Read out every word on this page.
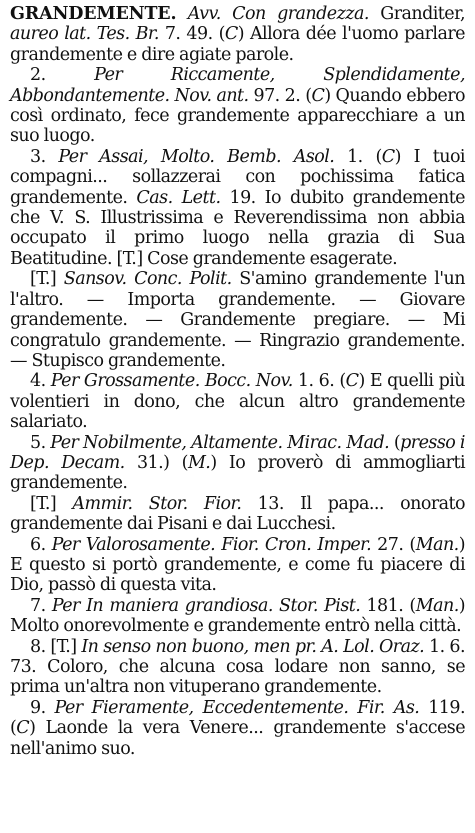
GRANDEMENTE. Avv. Con grandezza. Granditer, aureo lat. Tes. Br. 7. 49. (C) Allora dée l'uomo parlare grandemente e dire agiate parole.

2. Per Riccamente, Splendidamente, Abbondantemente. Nov. ant. 97. 2. (C) Quando ebbero così ordinato, fece grandemente apparecchiare a un suo luogo.

3. Per Assai, Molto. Bemb. Asol. 1. (C) I tuoi compagni... sollazzerai con pochissima fatica grandemente. Cas. Lett. 19. Io dubito grandemente che V. S. Illustrissima e Reverendissima non abbia occupato il primo luogo nella grazia di Sua Beatitudine. [T.] Cose grandemente esagerate.

[T.] Sansov. Conc. Polit. S'amino grandemente l'un l'altro. — Importa grandemente. — Giovare grandemente. — Grandemente pregiare. — Mi congratulo grandemente. — Ringrazio grandemente. — Stupisco grandemente.

4. Per Grossamente. Bocc. Nov. 1. 6. (C) E quelli più volentieri in dono, che alcun altro grandemente salariato.

5. Per Nobilmente, Altamente. Mirac. Mad. (presso i Dep. Decam. 31.) (M.) Io proverò di ammogliarti grandemente.

[T.] Ammir. Stor. Fior. 13. Il papa... onorato grandemente dai Pisani e dai Lucchesi.

6. Per Valorosamente. Fior. Cron. Imper. 27. (Man.) E questo si portò grandemente, e come fu piacere di Dio, passò di questa vita.

7. Per In maniera grandiosa. Stor. Pist. 181. (Man.) Molto onorevolmente e grandemente entrò nella città.

8. [T.] In senso non buono, men pr. A. Lol. Oraz. 1. 6. 73. Coloro, che alcuna cosa lodare non sanno, se prima un'altra non vituperano grandemente.

9. Per Fieramente, Eccedentemente. Fir. As. 119. (C) Laonde la vera Venere... grandemente s'accese nell'animo suo.
